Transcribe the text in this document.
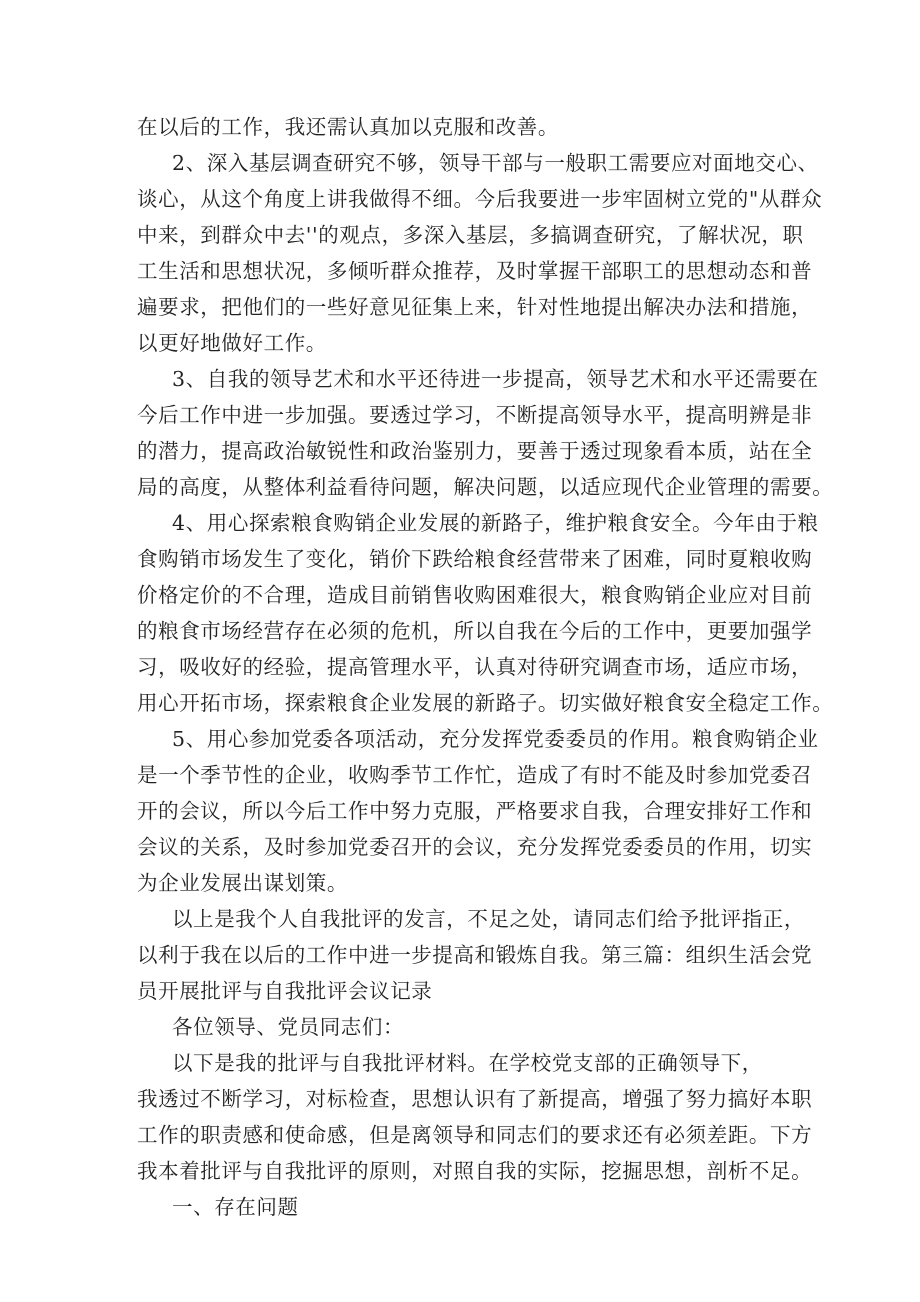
在以后的工作，我还需认真加以克服和改善。
2、深入基层调查研究不够，领导干部与一般职工需要应对面地交心、
谈心，从这个角度上讲我做得不细。今后我要进一步牢固树立党的"从群众
中来，到群众中去''的观点，多深入基层，多搞调查研究，了解状况，职
工生活和思想状况，多倾听群众推荐，及时掌握干部职工的思想动态和普
遍要求，把他们的一些好意见征集上来，针对性地提出解决办法和措施，
以更好地做好工作。
3、自我的领导艺术和水平还待进一步提高，领导艺术和水平还需要在
今后工作中进一步加强。要透过学习，不断提高领导水平，提高明辨是非
的潜力，提高政治敏锐性和政治鉴别力，要善于透过现象看本质，站在全
局的高度，从整体利益看待问题，解决问题，以适应现代企业管理的需要。
4、用心探索粮食购销企业发展的新路子，维护粮食安全。今年由于粮
食购销市场发生了变化，销价下跌给粮食经营带来了困难，同时夏粮收购
价格定价的不合理，造成目前销售收购困难很大，粮食购销企业应对目前
的粮食市场经营存在必须的危机，所以自我在今后的工作中，更要加强学
习，吸收好的经验，提高管理水平，认真对待研究调查市场，适应市场，
用心开拓市场，探索粮食企业发展的新路子。切实做好粮食安全稳定工作。
5、用心参加党委各项活动，充分发挥党委委员的作用。粮食购销企业
是一个季节性的企业，收购季节工作忙，造成了有时不能及时参加党委召
开的会议，所以今后工作中努力克服，严格要求自我，合理安排好工作和
会议的关系，及时参加党委召开的会议，充分发挥党委委员的作用，切实
为企业发展出谋划策。
以上是我个人自我批评的发言，不足之处，请同志们给予批评指正，
以利于我在以后的工作中进一步提高和锻炼自我。第三篇：组织生活会党
员开展批评与自我批评会议记录
各位领导、党员同志们：
以下是我的批评与自我批评材料。在学校党支部的正确领导下，
我透过不断学习，对标检查，思想认识有了新提高，增强了努力搞好本职
工作的职责感和使命感，但是离领导和同志们的要求还有必须差距。下方
我本着批评与自我批评的原则，对照自我的实际，挖掘思想，剖析不足。
一、存在问题
